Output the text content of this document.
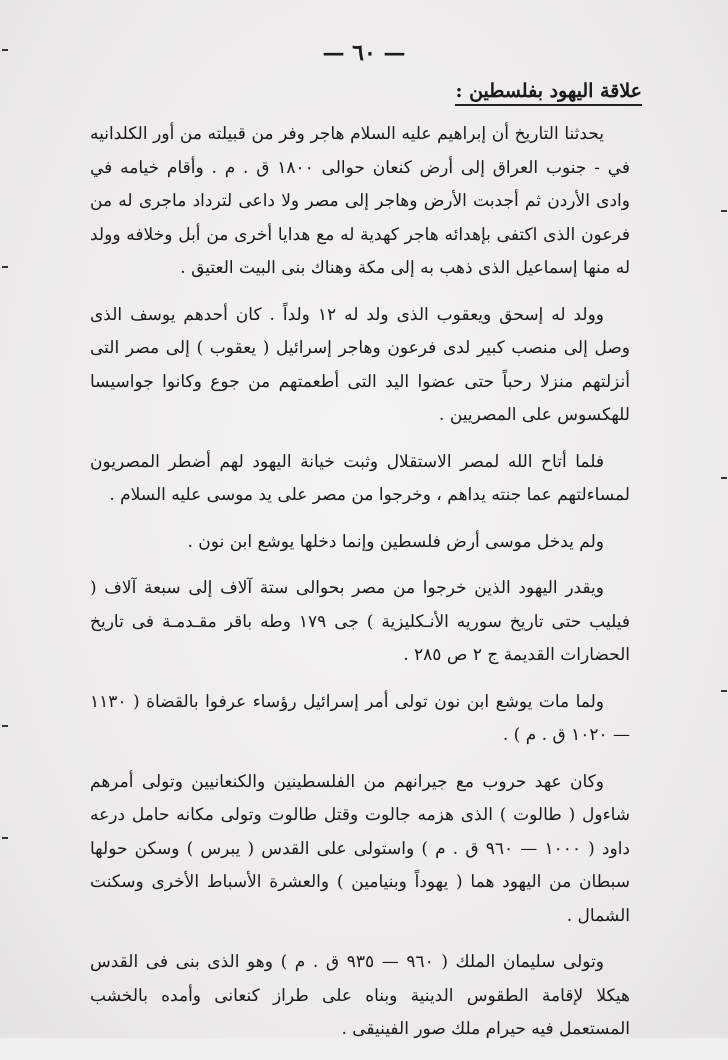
— ٦٠ —
علاقة اليهود بفلسطين :

يحدثنا التاريخ أن إبراهيم عليه السلام هاجر وفر من قبيلته من أور الكلدانيه في - جنوب العراق إلى أرض كنعان حوالى ١٨٠٠ ق . م . وأقام خيامه في وادى الأردن ثم أجدبت الأرض وهاجر إلى مصر ولا داعى لترداد ماجرى له من فرعون الذى اكتفى بإهدائه هاجر كهدية له مع هدايا أخرى من أبل وخلافه وولد له منها إسماعيل الذى ذهب به إلى مكة وهناك بنى البيت العتيق .

وولد له إسحق ويعقوب الذى ولد له ١٢ ولداً . كان أحدهم يوسف الذى وصل إلى منصب كبير لدى فرعون وهاجر إسرائيل ( يعقوب ) إلى مصر التى أنزلتهم منزلا رحباً حتى عضوا اليد التى أطعمتهم من جوع وكانوا جواسيسا للهكسوس على المصريين .

فلما أتاح الله لمصر الاستقلال وثبت خيانة اليهود لهم أضطر المصريون لمساءلتهم عما جنته يداهم ، وخرجوا من مصر على يد موسى عليه السلام .

ولم يدخل موسى أرض فلسطين وإنما دخلها يوشع ابن نون .

ويقدر اليهود الذين خرجوا من مصر بحوالى ستة آلاف إلى سبعة آلاف ( فيليب حتى تاريخ سوريه الأنـكليزية ) جى ١٧٩ وطه باقر مقـدمـة فى تاريخ الحضارات القديمة ج ٢ ص ٢٨٥ .

ولما مات يوشع ابن نون تولى أمر إسرائيل رؤساء عرفوا بالقضاة ( ١١٣٠ — ١٠٢٠ ق . م ) .

وكان عهد حروب مع جيرانهم من الفلسطينين والكنعانيين وتولى أمرهم شاءول ( طالوت ) الذى هزمه جالوت وقتل طالوت وتولى مكانه حامل درعه داود ( ١٠٠٠ — ٩٦٠ ق . م ) واستولى على القدس ( يبرس ) وسكن حولها سبطان من اليهود هما ( يهوداً وبنيامين ) والعشرة الأسباط الأخرى وسكنت الشمال .

وتولى سليمان الملك ( ٩٦٠ — ٩٣٥ ق . م ) وهو الذى بنى فى القدس هيكلا لإقامة الطقوس الدينية وبناه على طراز كنعانى وأمده بالخشب المستعمل فيه حيرام ملك صور الفينيقى .
